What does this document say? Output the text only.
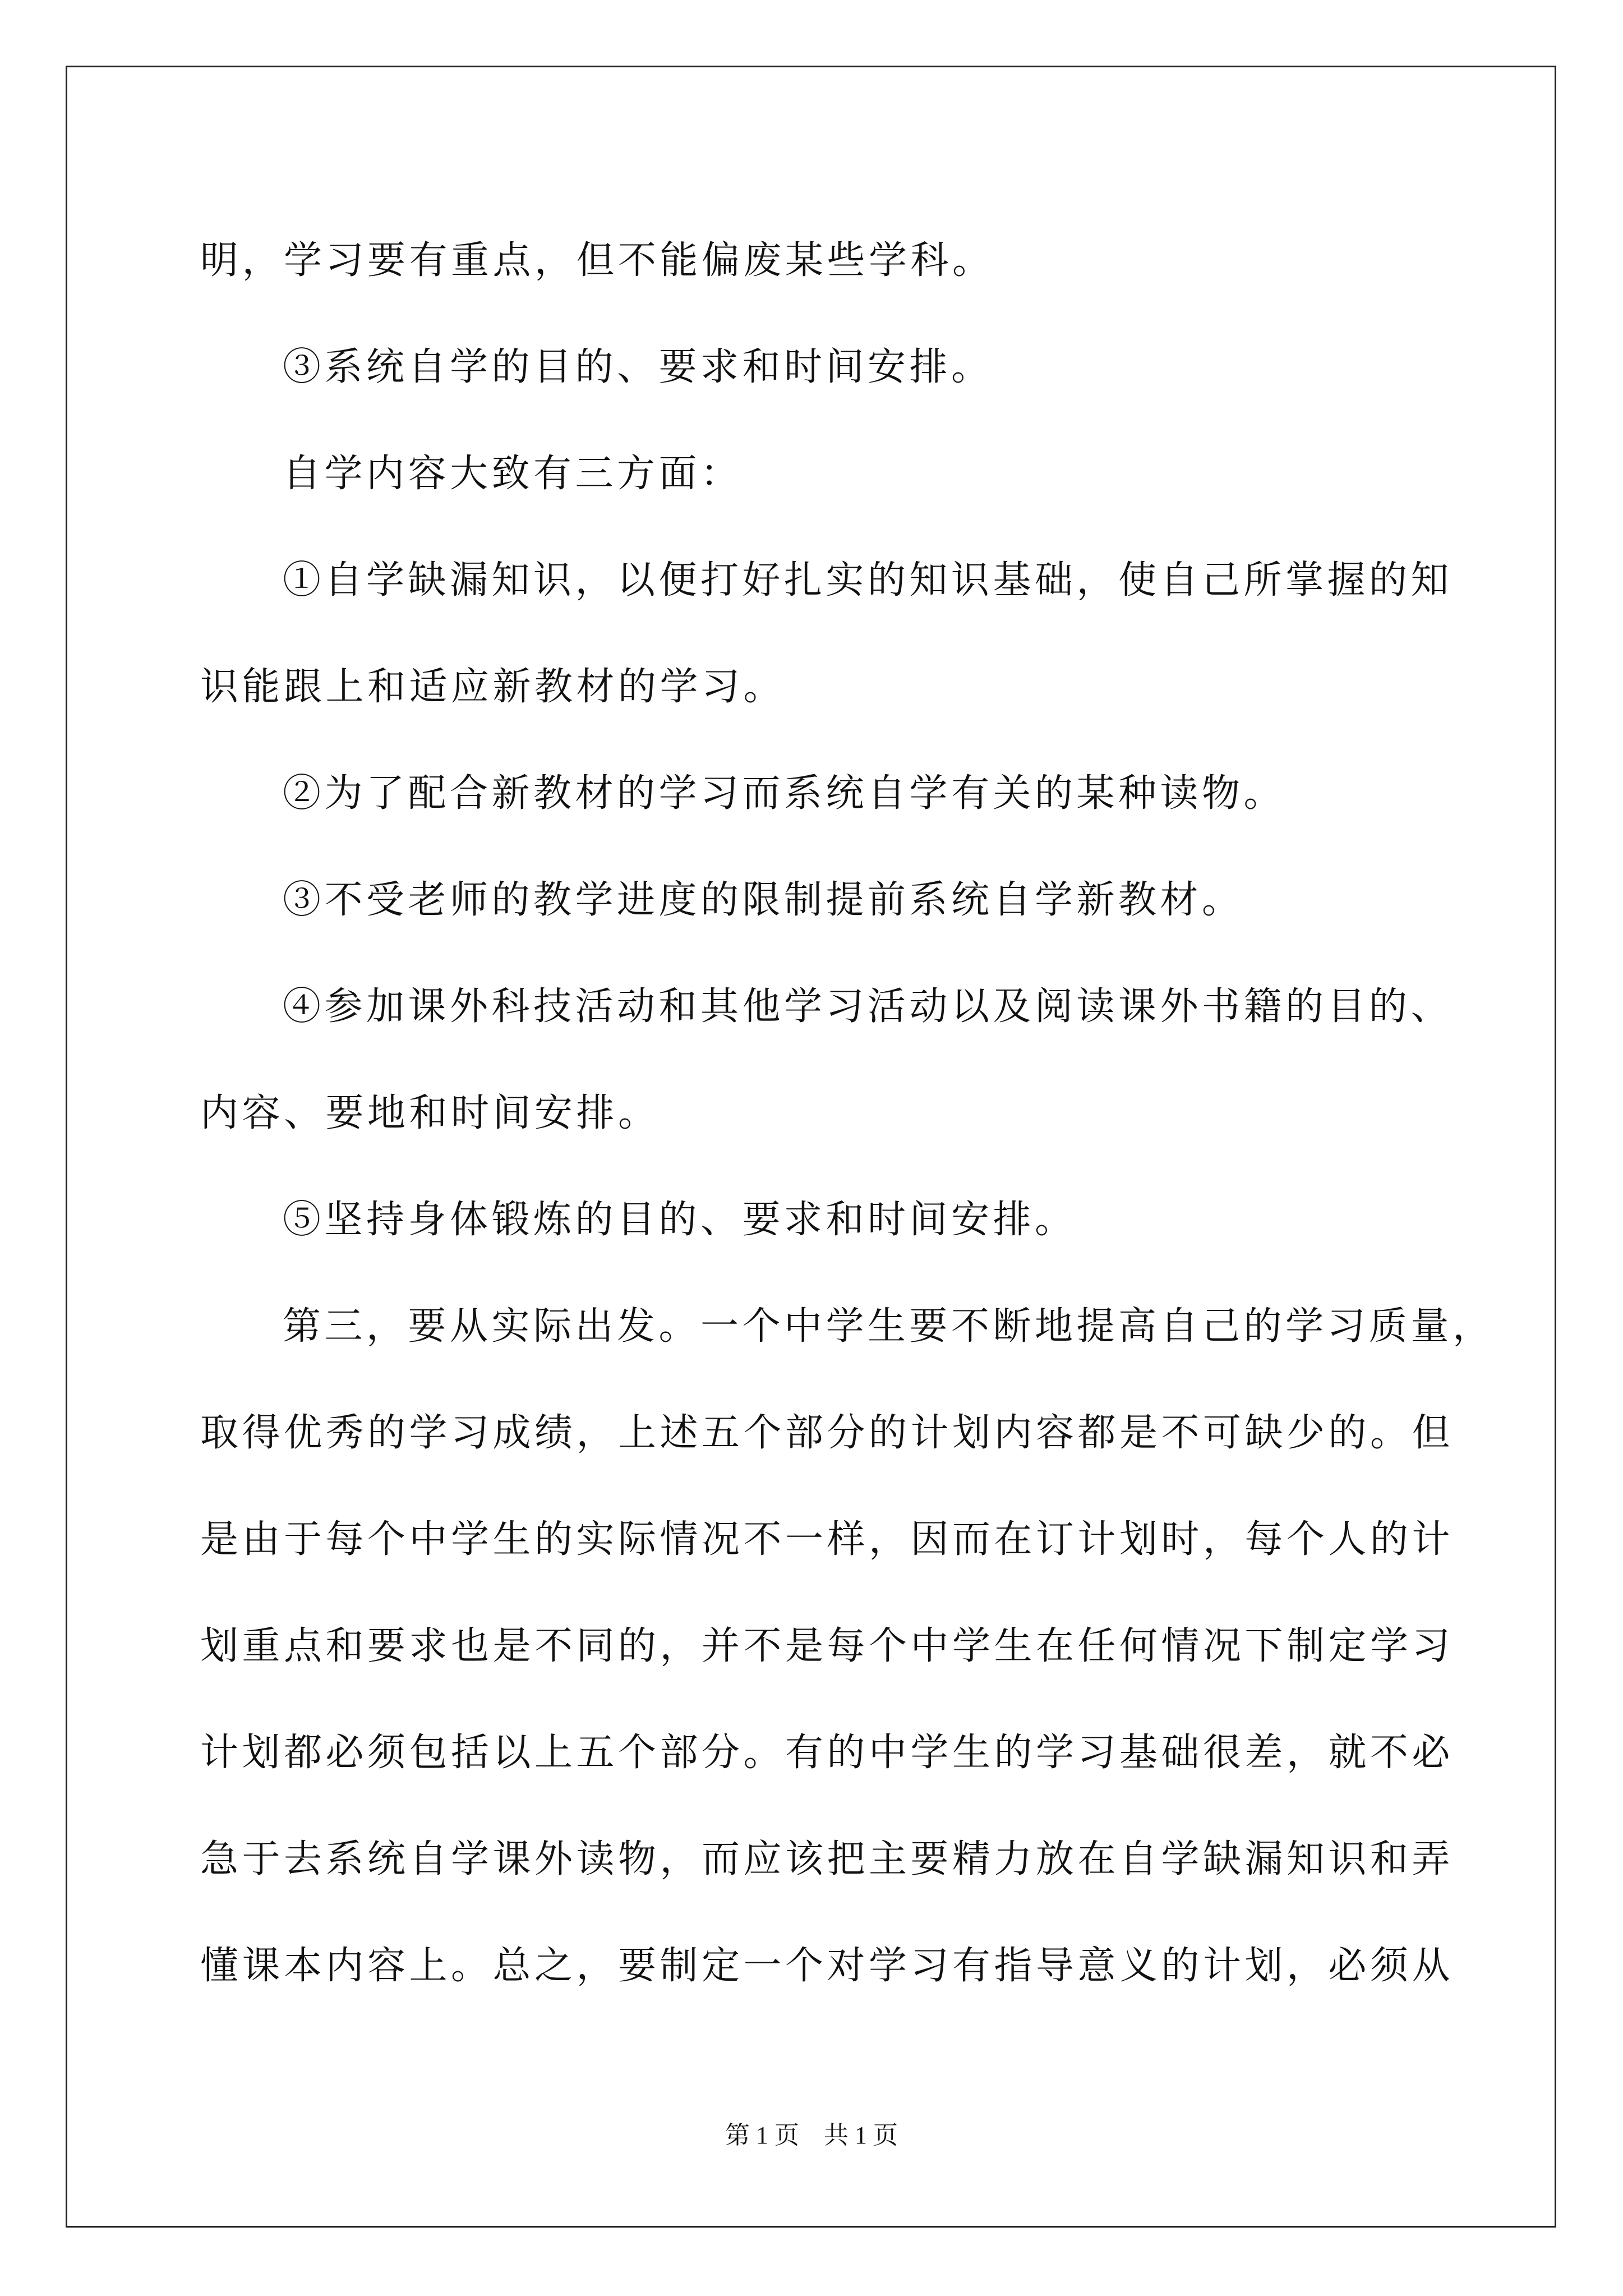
明，学习要有重点，但不能偏废某些学科。
③系统自学的目的、要求和时间安排。
自学内容大致有三方面：
①自学缺漏知识，以便打好扎实的知识基础，使自己所掌握的知
识能跟上和适应新教材的学习。
②为了配合新教材的学习而系统自学有关的某种读物。
③不受老师的教学进度的限制提前系统自学新教材。
④参加课外科技活动和其他学习活动以及阅读课外书籍的目的、
内容、要地和时间安排。
⑤坚持身体锻炼的目的、要求和时间安排。
第三，要从实际出发。一个中学生要不断地提高自己的学习质量，
取得优秀的学习成绩，上述五个部分的计划内容都是不可缺少的。但
是由于每个中学生的实际情况不一样，因而在订计划时，每个人的计
划重点和要求也是不同的，并不是每个中学生在任何情况下制定学习
计划都必须包括以上五个部分。有的中学生的学习基础很差，就不必
急于去系统自学课外读物，而应该把主要精力放在自学缺漏知识和弄
懂课本内容上。总之，要制定一个对学习有指导意义的计划，必须从
第 1 页    共 1 页
